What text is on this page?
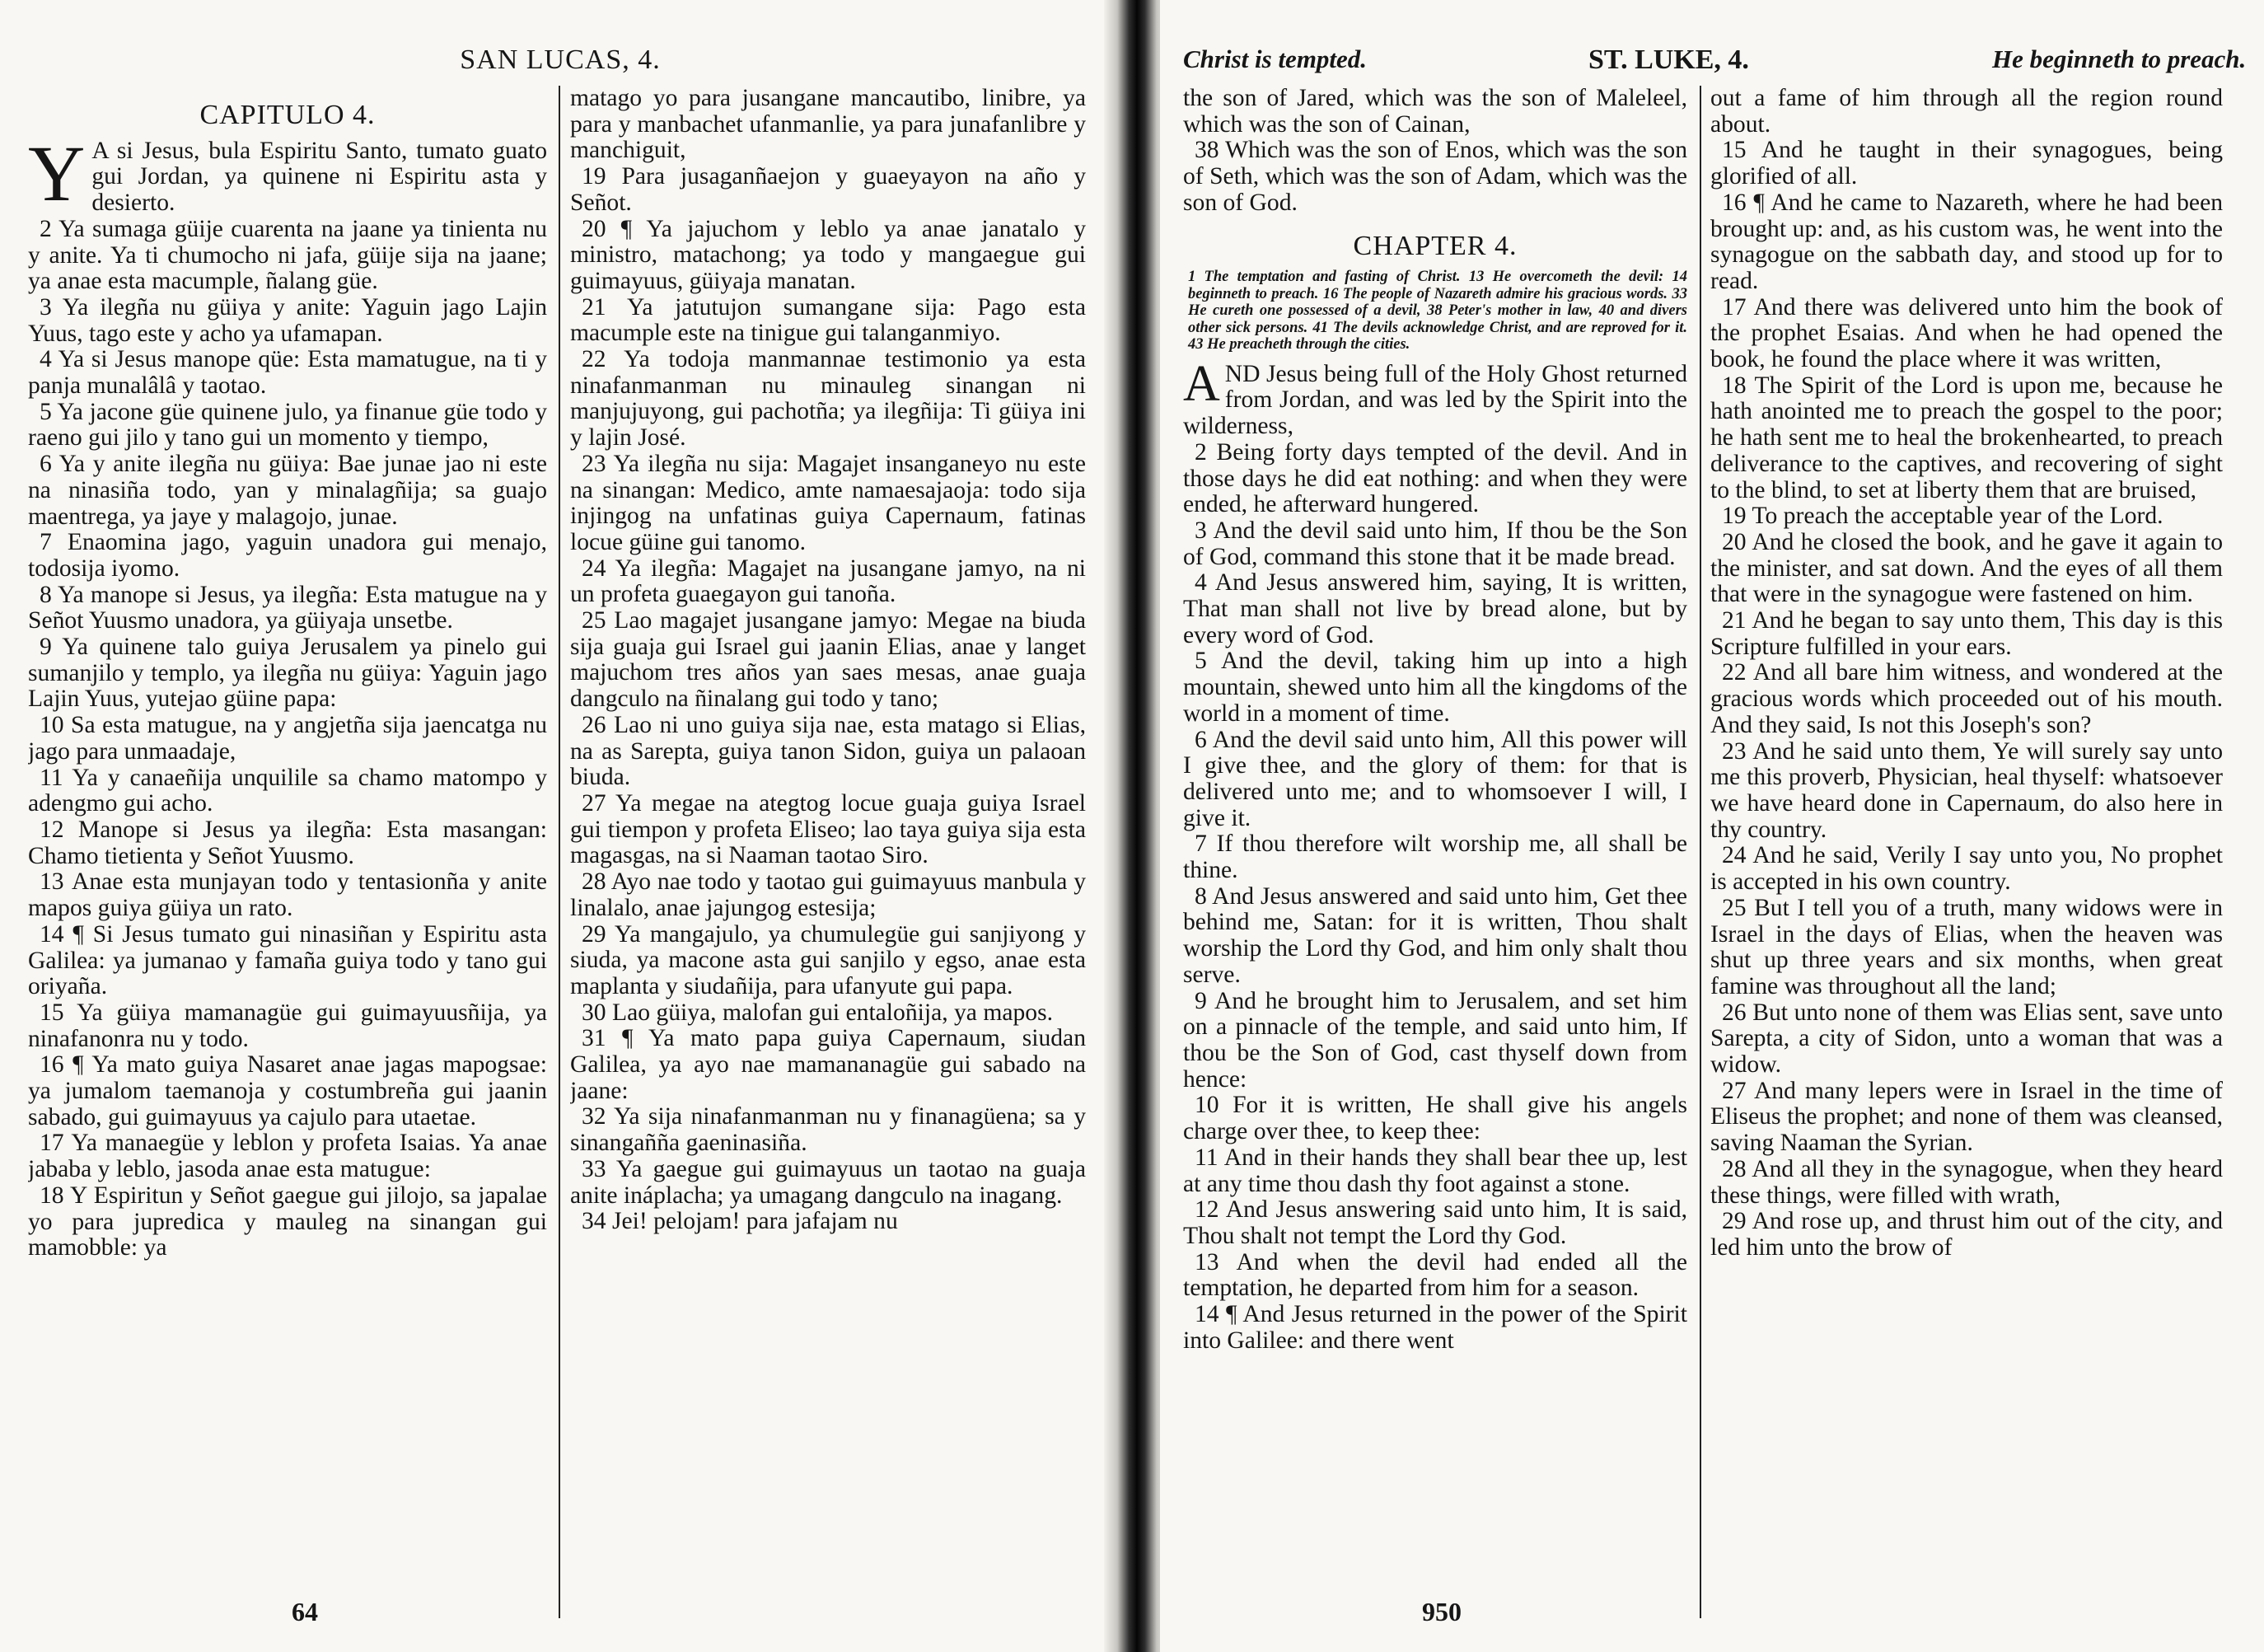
SAN LUCAS, 4.

CAPITULO 4.

Y A si Jesus, bula Espiritu Santo, tumato guato gui Jordan, ya quinene ni Espiritu asta y desierto.

2 Ya sumaga güije cuarenta na jaane ya tinienta nu y anite. Ya ti chumocho ni jafa, güije sija na jaane; ya anae esta macumple, ñalang güe.

3 Ya ilegña nu güiya y anite: Yaguin jago Lajin Yuus, tago este y acho ya ufamapan.

4 Ya si Jesus manope qüe: Esta mamatugue, na ti y panja munalâlâ y taotao.

5 Ya jacone güe quinene julo, ya finanue güe todo y raeno gui jilo y tano gui un momento y tiempo,

6 Ya y anite ilegña nu güiya: Bae junae jao ni este na ninasiña todo, yan y minalagñija; sa guajo maentrega, ya jaye y malagojo, junae.

7 Enaomina jago, yaguin unadora gui menajo, todosija iyomo.

8 Ya manope si Jesus, ya ilegña: Esta matugue na y Señot Yuusmo unadora, ya güiyaja unsetbe.

9 Ya quinene talo guiya Jerusalem ya pinelo gui sumanjilo y templo, ya ilegña nu güiya: Yaguin jago Lajin Yuus, yutejao güine papa:

10 Sa esta matugue, na y angjetña sija jaencatga nu jago para unmaadaje,

11 Ya y canaeñija unquilile sa chamo matompo y adengmo gui acho.

12 Manope si Jesus ya ilegña: Esta masangan: Chamo tietienta y Señot Yuusmo.

13 Anae esta munjayan todo y tentasionña y anite mapos guiya güiya un rato.

14 ¶ Si Jesus tumato gui ninasiñan y Espiritu asta Galilea: ya jumanao y famaña guiya todo y tano gui oriyaña.

15 Ya güiya mamanagüe gui guimayuusñija, ya ninafanonra nu y todo.

16 ¶ Ya mato guiya Nasaret anae jagas mapogsae: ya jumalom taemanoja y costumbreña gui jaanin sabado, gui guimayuus ya cajulo para utaetae.

17 Ya manaegüe y leblon y profeta Isaias. Ya anae jababa y leblo, jasoda anae esta matugue:

18 Y Espiritun y Señot gaegue gui jilojo, sa japalae yo para jupredica y mauleg na sinangan gui mamobble: ya

matago yo para jusangane mancautibo, linibre, ya para y manbachet ufanmanlie, ya para junafanlibre y manchiguit,

19 Para jusaganñaejon y guaeyayon na año y Señot.

20 ¶ Ya jajuchom y leblo ya anae janatalo y ministro, matachong; ya todo y mangaegue gui guimayuus, güiyaja manatan.

21 Ya jatutujon sumangane sija: Pago esta macumple este na tinigue gui talanganmiyo.

22 Ya todoja manmannae testimonio ya esta ninafanmanman nu minauleg sinangan ni manjujuyong, gui pachotña; ya ilegñija: Ti güiya ini y lajin José.

23 Ya ilegña nu sija: Magajet insanganeyo nu este na sinangan: Medico, amte namaesajaoja: todo sija injingog na unfatinas guiya Capernaum, fatinas locue güine gui tanomo.

24 Ya ilegña: Magajet na jusangane jamyo, na ni un profeta guaegayon gui tanoña.

25 Lao magajet jusangane jamyo: Megae na biuda sija guaja gui Israel gui jaanin Elias, anae y langet majuchom tres años yan saes mesas, anae guaja dangculo na ñinalang gui todo y tano;

26 Lao ni uno guiya sija nae, esta matago si Elias, na as Sarepta, guiya tanon Sidon, guiya un palaoan biuda.

27 Ya megae na ategtog locue guaja guiya Israel gui tiempon y profeta Eliseo; lao taya guiya sija esta magasgas, na si Naaman taotao Siro.

28 Ayo nae todo y taotao gui guimayuus manbula y linalalo, anae jajungog estesija;

29 Ya mangajulo, ya chumulegüe gui sanjiyong y siuda, ya macone asta gui sanjilo y egso, anae esta maplanta y siudañija, para ufanyute gui papa.

30 Lao güiya, malofan gui entaloñija, ya mapos.

31 ¶ Ya mato papa guiya Capernaum, siudan Galilea, ya ayo nae mamananagüe gui sabado na jaane:

32 Ya sija ninafanmanman nu y finanagüena; sa y sinangañña gaeninasiña.

33 Ya gaegue gui guimayuus un taotao na guaja anite ináplacha; ya umagang dangculo na inagang.

34 Jei! pelojam! para jafajam nu

64
Christ is tempted.	ST. LUKE, 4.	He beginneth to preach.

the son of Jared, which was the son of Maleleel, which was the son of Cainan,

38 Which was the son of Enos, which was the son of Seth, which was the son of Adam, which was the son of God.

CHAPTER 4.

1 The temptation and fasting of Christ. 13 He overcometh the devil: 14 beginneth to preach. 16 The people of Nazareth admire his gracious words. 33 He cureth one possessed of a devil, 38 Peter's mother in law, 40 and divers other sick persons. 41 The devils acknowledge Christ, and are reproved for it. 43 He preacheth through the cities.

AND Jesus being full of the Holy Ghost returned from Jordan, and was led by the Spirit into the wilderness,

2 Being forty days tempted of the devil. And in those days he did eat nothing: and when they were ended, he afterward hungered.

3 And the devil said unto him, If thou be the Son of God, command this stone that it be made bread.

4 And Jesus answered him, saying, It is written, That man shall not live by bread alone, but by every word of God.

5 And the devil, taking him up into a high mountain, shewed unto him all the kingdoms of the world in a moment of time.

6 And the devil said unto him, All this power will I give thee, and the glory of them: for that is delivered unto me; and to whomsoever I will, I give it.

7 If thou therefore wilt worship me, all shall be thine.

8 And Jesus answered and said unto him, Get thee behind me, Satan: for it is written, Thou shalt worship the Lord thy God, and him only shalt thou serve.

9 And he brought him to Jerusalem, and set him on a pinnacle of the temple, and said unto him, If thou be the Son of God, cast thyself down from hence:

10 For it is written, He shall give his angels charge over thee, to keep thee:

11 And in their hands they shall bear thee up, lest at any time thou dash thy foot against a stone.

12 And Jesus answering said unto him, It is said, Thou shalt not tempt the Lord thy God.

13 And when the devil had ended all the temptation, he departed from him for a season.

14 ¶ And Jesus returned in the power of the Spirit into Galilee: and there went

out a fame of him through all the region round about.

15 And he taught in their synagogues, being glorified of all.

16 ¶ And he came to Nazareth, where he had been brought up: and, as his custom was, he went into the synagogue on the sabbath day, and stood up for to read.

17 And there was delivered unto him the book of the prophet Esaias. And when he had opened the book, he found the place where it was written,

18 The Spirit of the Lord is upon me, because he hath anointed me to preach the gospel to the poor; he hath sent me to heal the brokenhearted, to preach deliverance to the captives, and recovering of sight to the blind, to set at liberty them that are bruised,

19 To preach the acceptable year of the Lord.

20 And he closed the book, and he gave it again to the minister, and sat down. And the eyes of all them that were in the synagogue were fastened on him.

21 And he began to say unto them, This day is this Scripture fulfilled in your ears.

22 And all bare him witness, and wondered at the gracious words which proceeded out of his mouth. And they said, Is not this Joseph's son?

23 And he said unto them, Ye will surely say unto me this proverb, Physician, heal thyself: whatsoever we have heard done in Capernaum, do also here in thy country.

24 And he said, Verily I say unto you, No prophet is accepted in his own country.

25 But I tell you of a truth, many widows were in Israel in the days of Elias, when the heaven was shut up three years and six months, when great famine was throughout all the land;

26 But unto none of them was Elias sent, save unto Sarepta, a city of Sidon, unto a woman that was a widow.

27 And many lepers were in Israel in the time of Eliseus the prophet; and none of them was cleansed, saving Naaman the Syrian.

28 And all they in the synagogue, when they heard these things, were filled with wrath,

29 And rose up, and thrust him out of the city, and led him unto the brow of

950
